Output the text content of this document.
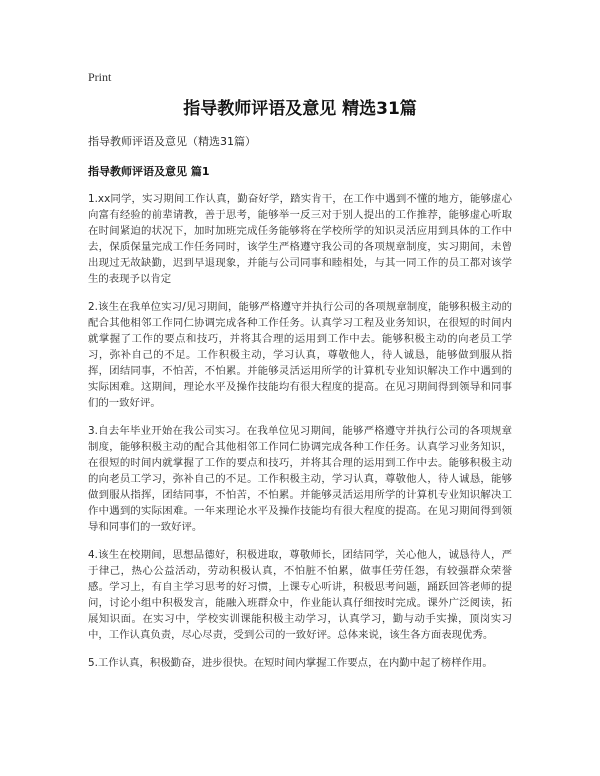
Print
指导教师评语及意见 精选31篇
指导教师评语及意见（精选31篇）
指导教师评语及意见 篇1

1.xx同学，实习期间工作认真，勤奋好学，踏实肯干，在工作中遇到不懂的地方，能够虚心向富有经验的前辈请教，善于思考，能够举一反三对于别人提出的工作推荐，能够虚心听取在时间紧迫的状况下，加时加班完成任务能够将在学校所学的知识灵活应用到具体的工作中去，保质保量完成工作任务同时，该学生严格遵守我公司的各项规章制度，实习期间，未曾出现过无故缺勤，迟到早退现象，并能与公司同事和睦相处，与其一同工作的员工都对该学生的表现予以肯定

2.该生在我单位实习/见习期间，能够严格遵守并执行公司的各项规章制度，能够积极主动的配合其他相邻工作同仁协调完成各种工作任务。认真学习工程及业务知识，在很短的时间内就掌握了工作的要点和技巧，并将其合理的运用到工作中去。能够积极主动的向老员工学习，弥补自己的不足。工作积极主动，学习认真，尊敬他人，待人诚恳，能够做到服从指挥，团结同事，不怕苦，不怕累。并能够灵活运用所学的计算机专业知识解决工作中遇到的实际困难。这期间，理论水平及操作技能均有很大程度的提高。在见习期间得到领导和同事们的一致好评。

3.自去年毕业开始在我公司实习。在我单位见习期间，能够严格遵守并执行公司的各项规章制度，能够积极主动的配合其他相邻工作同仁协调完成各种工作任务。认真学习业务知识，在很短的时间内就掌握了工作的要点和技巧，并将其合理的运用到工作中去。能够积极主动的向老员工学习，弥补自己的不足。工作积极主动，学习认真，尊敬他人，待人诚恳，能够做到服从指挥，团结同事，不怕苦，不怕累。并能够灵活运用所学的计算机专业知识解决工作中遇到的实际困难。一年来理论水平及操作技能均有很大程度的提高。在见习期间得到领导和同事们的一致好评。

4.该生在校期间，思想品德好，积极进取，尊敬师长，团结同学，关心他人，诚恳待人，严于律己，热心公益活动，劳动积极认真，不怕脏不怕累，做事任劳任怨，有较强群众荣誉感。学习上，有自主学习思考的好习惯，上课专心听讲，积极思考问题，踊跃回答老师的提问，讨论小组中积极发言，能融入班群众中，作业能认真仔细按时完成。课外广泛阅读，拓展知识面。在实习中，学校实训课能积极主动学习，认真学习，勤与动手实操，顶岗实习中，工作认真负责，尽心尽责，受到公司的一致好评。总体来说，该生各方面表现优秀。

5.工作认真，积极勤奋，进步很快。在短时间内掌握工作要点，在内勤中起了榜样作用。
